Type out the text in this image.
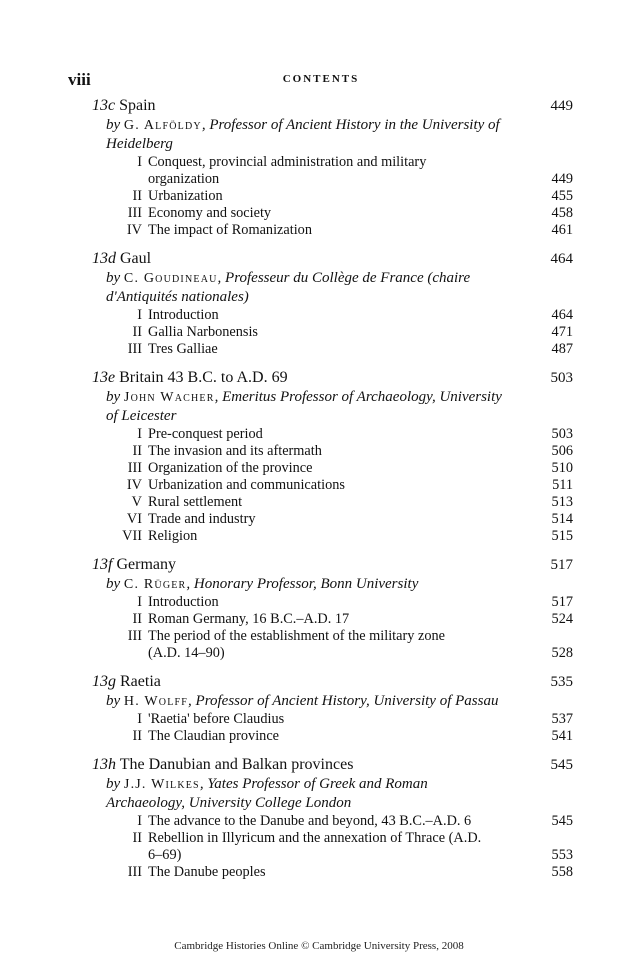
viii	CONTENTS
13c Spain	449
by G. Alföldy, Professor of Ancient History in the University of Heidelberg
I Conquest, provincial administration and military
organization	449
II Urbanization	455
III Economy and society	458
IV The impact of Romanization	461
13d Gaul	464
by C. Goudineau, Professeur du Collège de France (chaire d'Antiquités nationales)
I Introduction	464
II Gallia Narbonensis	471
III Tres Galliae	487
13e Britain 43 B.C. to A.D. 69	503
by John Wacher, Emeritus Professor of Archaeology, University of Leicester
I Pre-conquest period	503
II The invasion and its aftermath	506
III Organization of the province	510
IV Urbanization and communications	511
V Rural settlement	513
VI Trade and industry	514
VII Religion	515
13f Germany	517
by C. Rüger, Honorary Professor, Bonn University
I Introduction	517
II Roman Germany, 16 B.C.–A.D. 17	524
III The period of the establishment of the military zone
(A.D. 14–90)	528
13g Raetia	535
by H. Wolff, Professor of Ancient History, University of Passau
I 'Raetia' before Claudius	537
II The Claudian province	541
13h The Danubian and Balkan provinces	545
by J.J. Wilkes, Yates Professor of Greek and Roman Archaeology, University College London
I The advance to the Danube and beyond, 43 B.C.–A.D. 6	545
II Rebellion in Illyricum and the annexation of Thrace (A.D.
6–69)	553
III The Danube peoples	558
Cambridge Histories Online © Cambridge University Press, 2008
